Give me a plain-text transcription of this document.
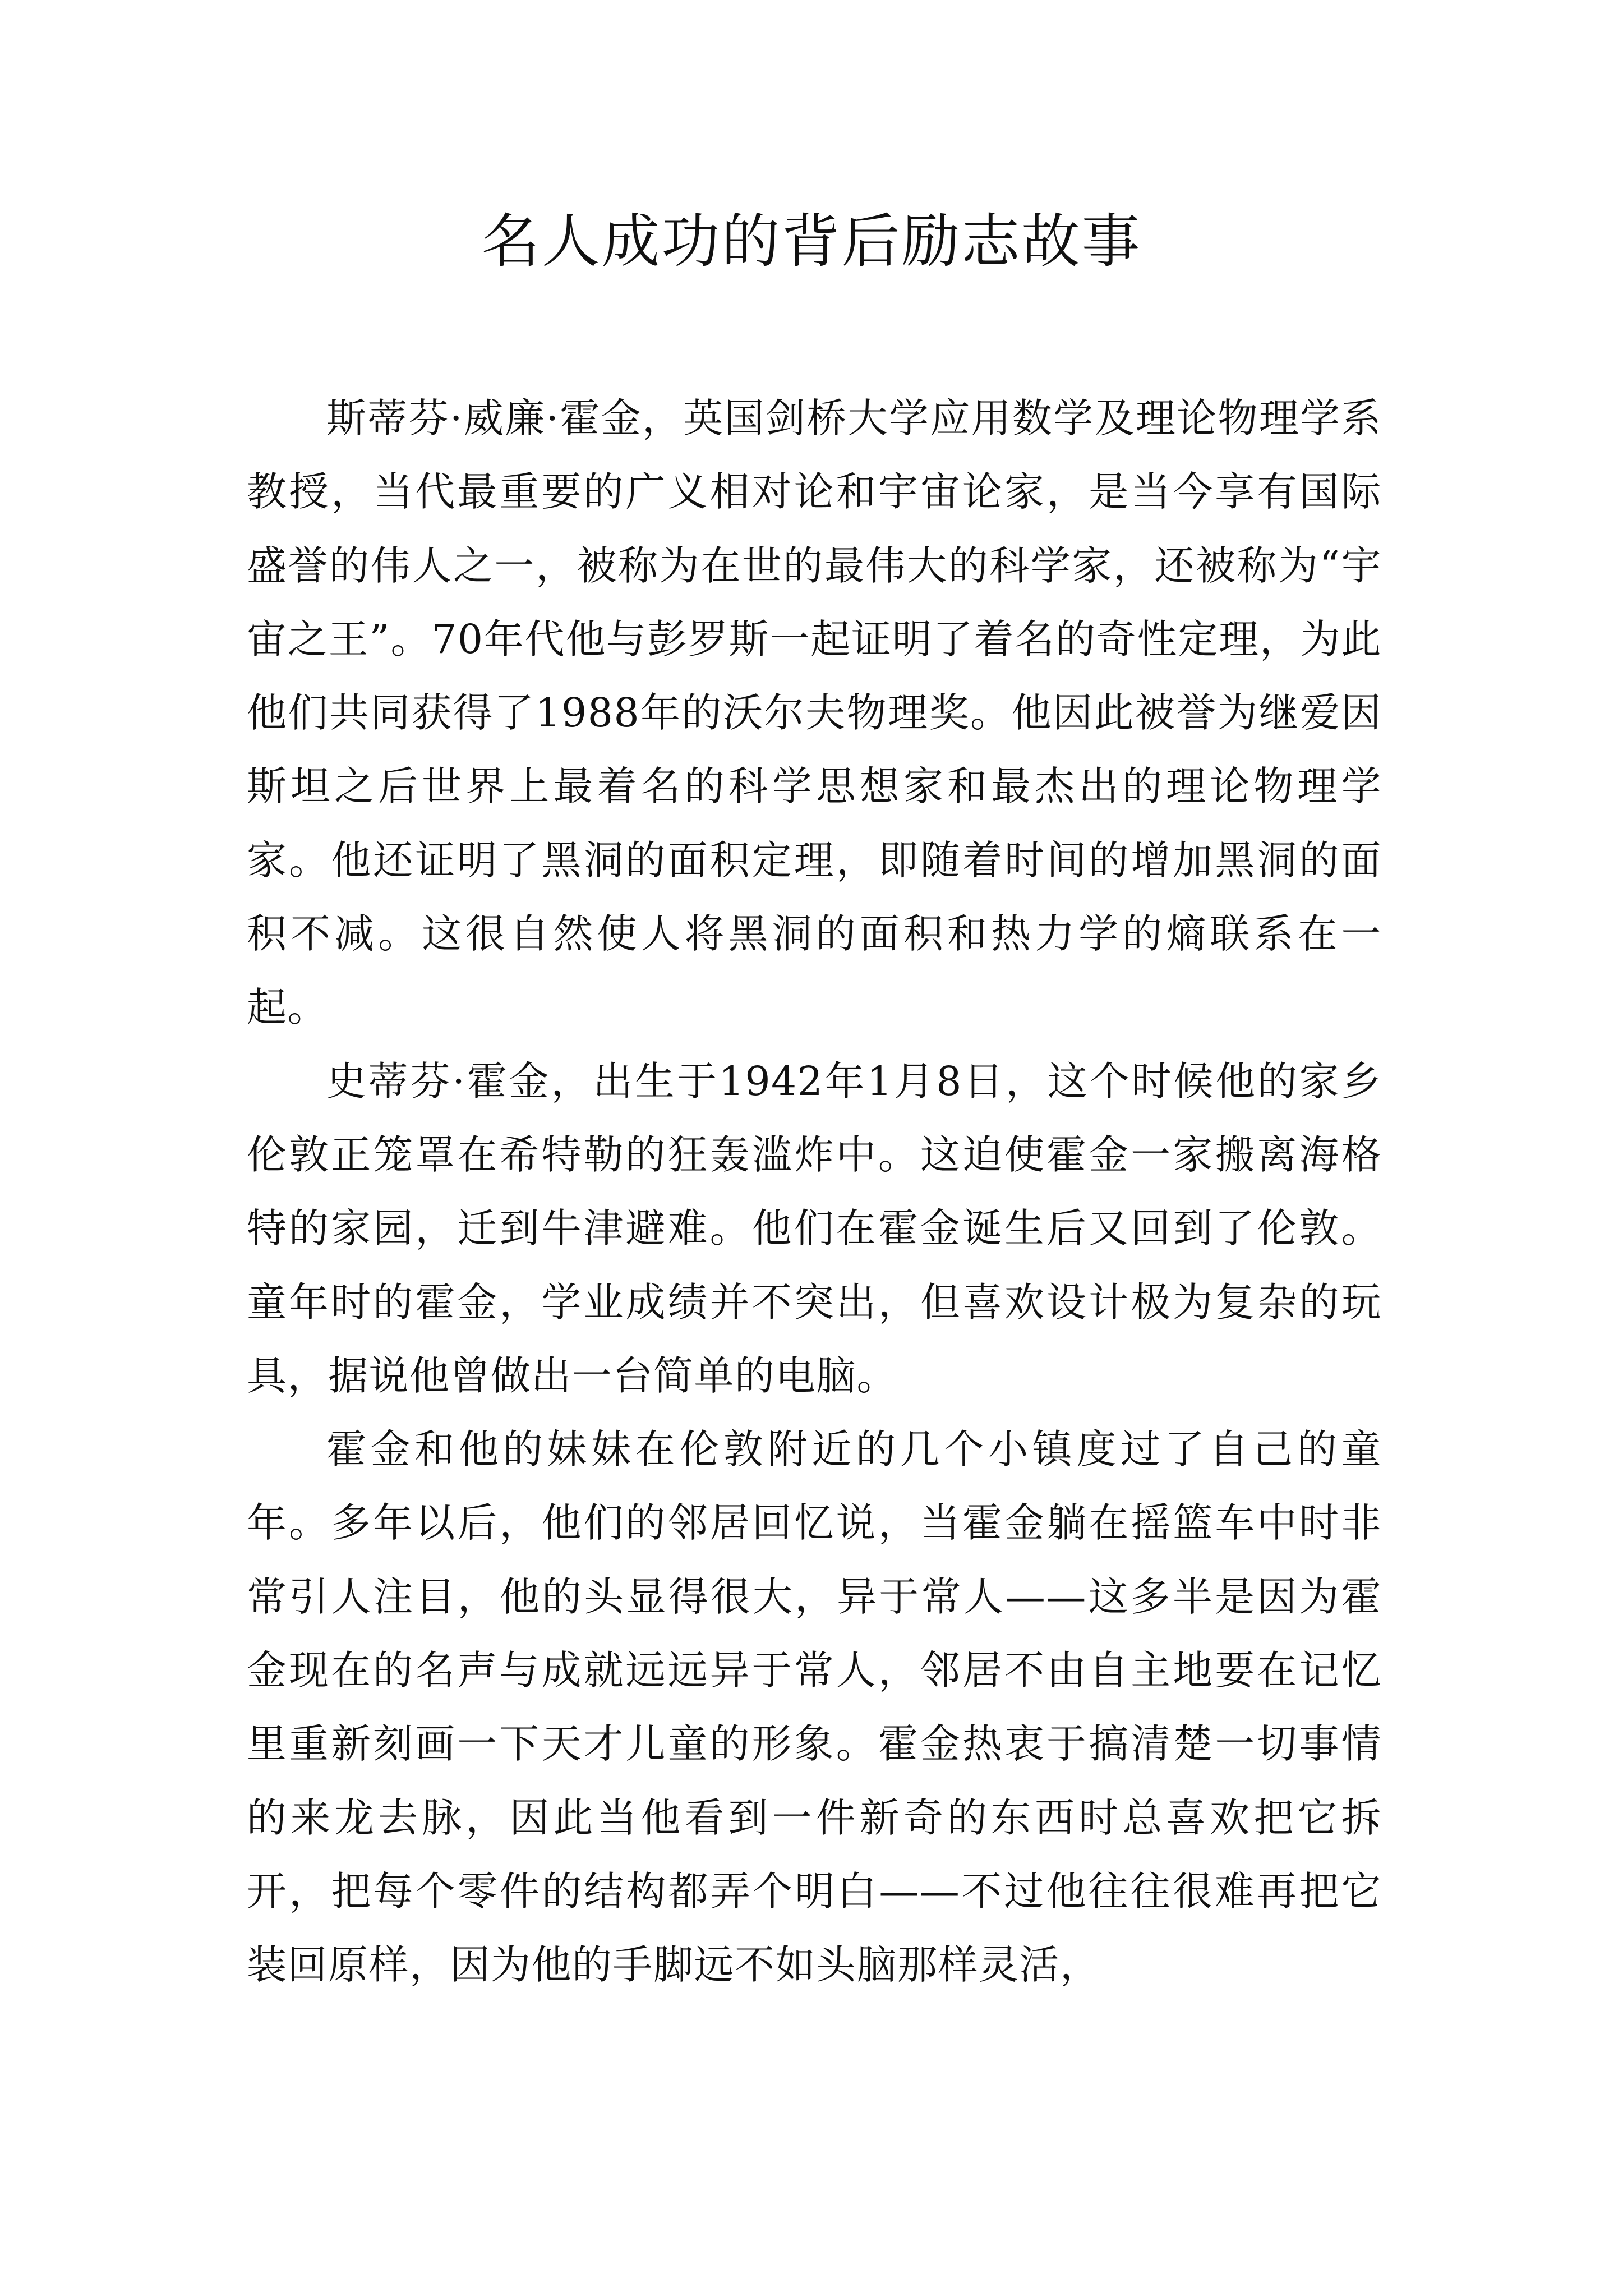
名人成功的背后励志故事

斯蒂芬·威廉·霍金，英国剑桥大学应用数学及理论物理学系教授，当代最重要的广义相对论和宇宙论家，是当今享有国际盛誉的伟人之一，被称为在世的最伟大的科学家，还被称为“宇宙之王”。70年代他与彭罗斯一起证明了着名的奇性定理，为此他们共同获得了1988年的沃尔夫物理奖。他因此被誉为继爱因斯坦之后世界上最着名的科学思想家和最杰出的理论物理学家。他还证明了黑洞的面积定理，即随着时间的增加黑洞的面积不减。这很自然使人将黑洞的面积和热力学的熵联系在一起。

史蒂芬·霍金，出生于1942年1月8日，这个时候他的家乡伦敦正笼罩在希特勒的狂轰滥炸中。这迫使霍金一家搬离海格特的家园，迁到牛津避难。他们在霍金诞生后又回到了伦敦。童年时的霍金，学业成绩并不突出，但喜欢设计极为复杂的玩具，据说他曾做出一台简单的电脑。

霍金和他的妹妹在伦敦附近的几个小镇度过了自己的童年。多年以后，他们的邻居回忆说，当霍金躺在摇篮车中时非常引人注目，他的头显得很大，异于常人——这多半是因为霍金现在的名声与成就远远异于常人，邻居不由自主地要在记忆里重新刻画一下天才儿童的形象。霍金热衷于搞清楚一切事情的来龙去脉，因此当他看到一件新奇的东西时总喜欢把它拆开，把每个零件的结构都弄个明白——不过他往往很难再把它装回原样，因为他的手脚远不如头脑那样灵活，
